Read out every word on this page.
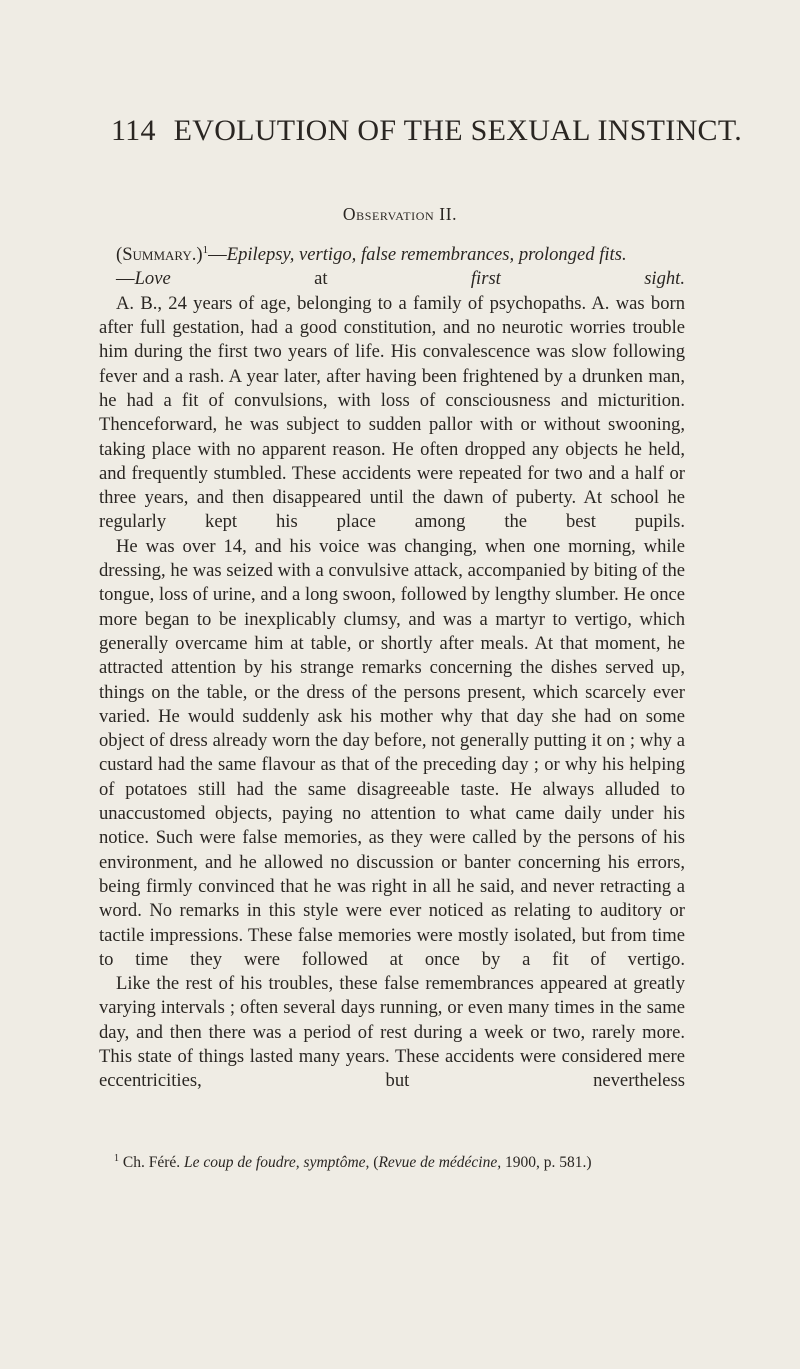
114 EVOLUTION OF THE SEXUAL INSTINCT.
Observation II.

(Summary.)$^1$—Epilepsy, vertigo, false remembrances, prolonged fits.

—Love at first sight.

A. B., 24 years of age, belonging to a family of psychopaths. A. was born after full gestation, had a good constitution, and no neurotic worries trouble him during the first two years of life. His convalescence was slow following fever and a rash. A year later, after having been frightened by a drunken man, he had a fit of convulsions, with loss of consciousness and micturition. Thenceforward, he was subject to sudden pallor with or without swooning, taking place with no apparent reason. He often dropped any objects he held, and frequently stumbled. These accidents were repeated for two and a half or three years, and then disappeared until the dawn of puberty. At school he regularly kept his place among the best pupils.

He was over 14, and his voice was changing, when one morning, while dressing, he was seized with a convulsive attack, accompanied by biting of the tongue, loss of urine, and a long swoon, followed by lengthy slumber. He once more began to be inexplicably clumsy, and was a martyr to vertigo, which generally overcame him at table, or shortly after meals. At that moment, he attracted attention by his strange remarks concerning the dishes served up, things on the table, or the dress of the persons present, which scarcely ever varied. He would suddenly ask his mother why that day she had on some object of dress already worn the day before, not generally putting it on ; why a custard had the same flavour as that of the preceding day ; or why his helping of potatoes still had the same disagreeable taste. He always alluded to unaccustomed objects, paying no attention to what came daily under his notice. Such were false memories, as they were called by the persons of his environment, and he allowed no discussion or banter concerning his errors, being firmly convinced that he was right in all he said, and never retracting a word. No remarks in this style were ever noticed as relating to auditory or tactile impressions. These false memories were mostly isolated, but from time to time they were followed at once by a fit of vertigo.

Like the rest of his troubles, these false remembrances appeared at greatly varying intervals ; often several days running, or even many times in the same day, and then there was a period of rest during a week or two, rarely more. This state of things lasted many years. These accidents were considered mere eccentricities, but nevertheless

$^1$ Ch. Féré. Le coup de foudre, symptôme, (Revue de médécine, 1900, p. 581.)
